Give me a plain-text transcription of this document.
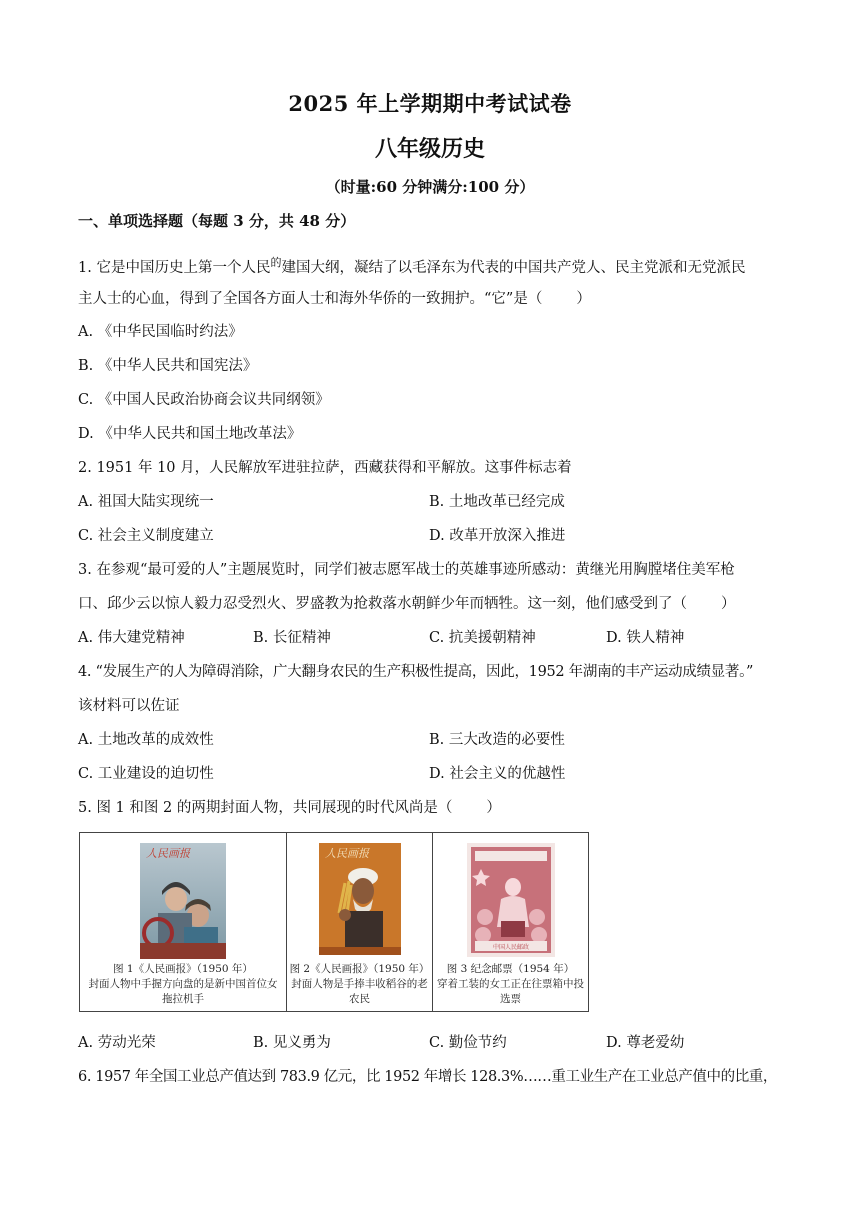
2025 年上学期期中考试试卷
八年级历史
（时量:60 分钟满分:100 分）
一、单项选择题（每题 3 分，共 48 分）
1. 它是中国历史上第一个人民$^的$建国大纲，凝结了以毛泽东为代表的中国共产党人、民主党派和无党派民
主人士的心血，得到了全国各方面人士和海外华侨的一致拥护。“它”是（ ）
A. 《中华民国临时约法》
B. 《中华人民共和国宪法》
C. 《中国人民政治协商会议共同纲领》
D. 《中华人民共和国土地改革法》
2. 1951 年 10 月，人民解放军进驻拉萨，西藏获得和平解放。这事件标志着
A. 祖国大陆实现统一	B. 土地改革已经完成
C. 社会主义制度建立	D. 改革开放深入推进
3. 在参观“最可爱的人”主题展览时，同学们被志愿军战士的英雄事迹所感动：黄继光用胸膛堵住美军枪
口、邱少云以惊人毅力忍受烈火、罗盛教为抢救落水朝鲜少年而牺牲。这一刻，他们感受到了（ ）
A. 伟大建党精神	B. 长征精神	C. 抗美援朝精神	D. 铁人精神
4. “发展生产的人为障碍消除，广大翻身农民的生产积极性提高，因此，1952 年湖南的丰产运动成绩显著。”
该材料可以佐证
A. 土地改革的成效性	B. 三大改造的必要性
C. 工业建设的迫切性	D. 社会主义的优越性
5. 图 1 和图 2 的两期封面人物，共同展现的时代风尚是（ ）
人民画报
图 1《人民画报》（1950 年）
封面人物中手握方向盘的是新中国首位女
拖拉机手
人民画报
图 2《人民画报》（1950 年）
封面人物是手捧丰收稻谷的老
农民
中国人民邮政
图 3 纪念邮票（1954 年）
穿着工装的女工正在往票箱中投
选票
A. 劳动光荣	B. 见义勇为	C. 勤俭节约	D. 尊老爱幼
6. 1957 年全国工业总产值达到 783.9 亿元，比 1952 年增长 128.3%……重工业生产在工业总产值中的比重，
